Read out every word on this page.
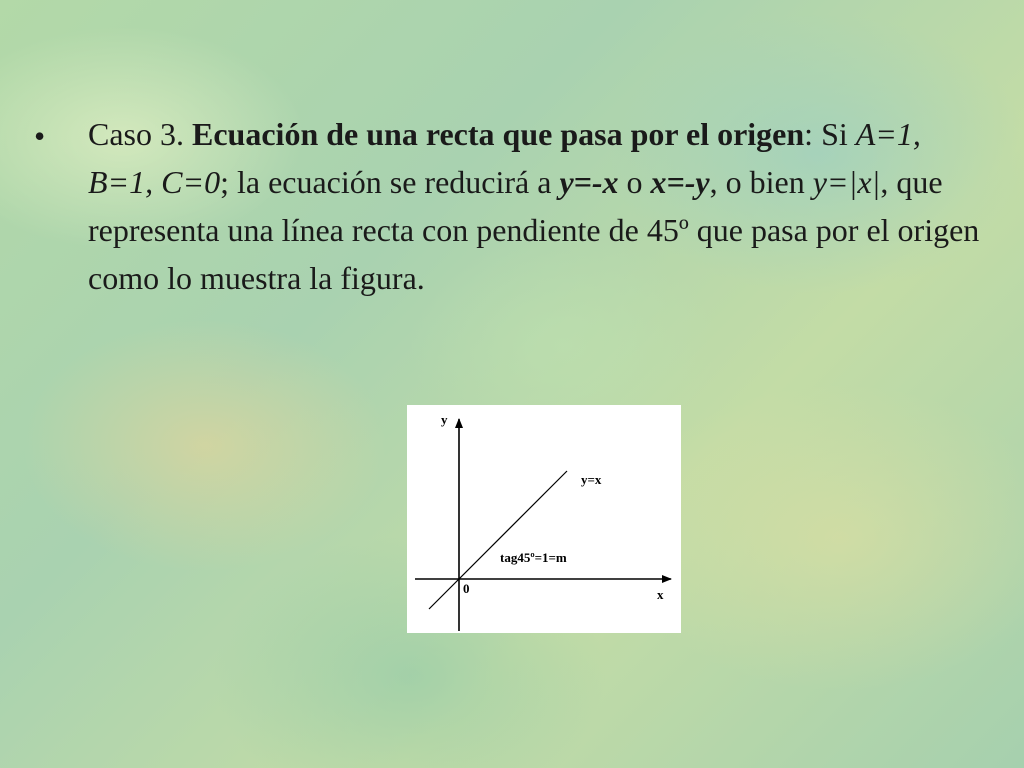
• Caso 3. Ecuación de una recta que pasa por el origen: Si A=1, B=1, C=0; la ecuación se reducirá a y=-x o x=-y, o bien y=|x|, que representa una línea recta con pendiente de 45º que pasa por el origen como lo muestra la figura.
y
x
0
y=x
tag45º=1=m
